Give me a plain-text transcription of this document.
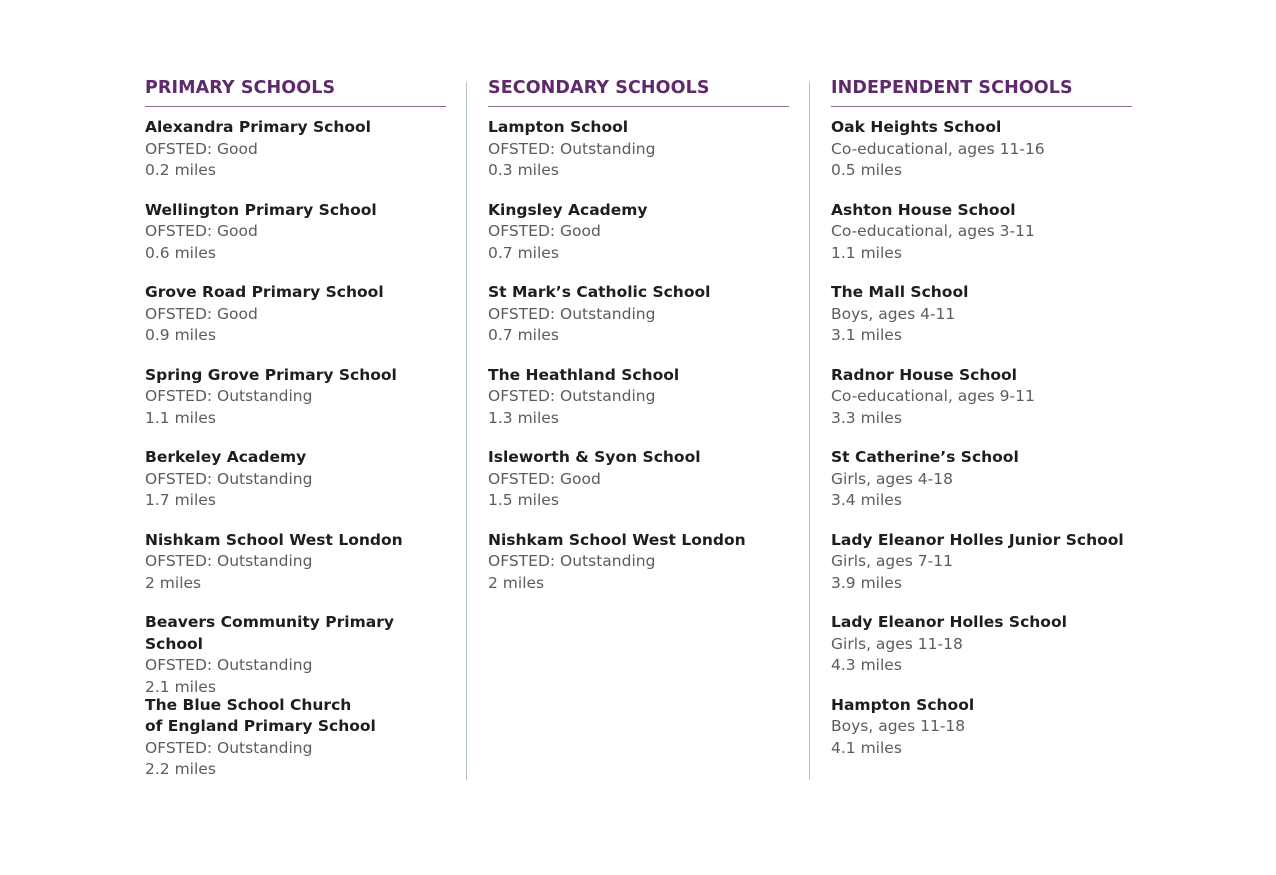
PRIMARY SCHOOLS
Alexandra Primary School
OFSTED: Good
0.2 miles
Wellington Primary School
OFSTED: Good
0.6 miles
Grove Road Primary School
OFSTED: Good
0.9 miles
Spring Grove Primary School
OFSTED: Outstanding
1.1 miles
Berkeley Academy
OFSTED: Outstanding
1.7 miles
Nishkam School West London
OFSTED: Outstanding
2 miles
Beavers Community Primary School
OFSTED: Outstanding
2.1 miles
The Blue School Church
of England Primary School
OFSTED: Outstanding
2.2 miles
SECONDARY SCHOOLS
Lampton School
OFSTED: Outstanding
0.3 miles
Kingsley Academy
OFSTED: Good
0.7 miles
St Mark’s Catholic School
OFSTED: Outstanding
0.7 miles
The Heathland School
OFSTED: Outstanding
1.3 miles
Isleworth & Syon School
OFSTED: Good
1.5 miles
Nishkam School West London
OFSTED: Outstanding
2 miles
INDEPENDENT SCHOOLS
Oak Heights School
Co-educational, ages 11-16
0.5 miles
Ashton House School
Co-educational, ages 3-11
1.1 miles
The Mall School
Boys, ages 4-11
3.1 miles
Radnor House School
Co-educational, ages 9-11
3.3 miles
St Catherine’s School
Girls, ages 4-18
3.4 miles
Lady Eleanor Holles Junior School
Girls, ages 7-11
3.9 miles
Lady Eleanor Holles School
Girls, ages 11-18
4.3 miles
Hampton School
Boys, ages 11-18
4.1 miles
